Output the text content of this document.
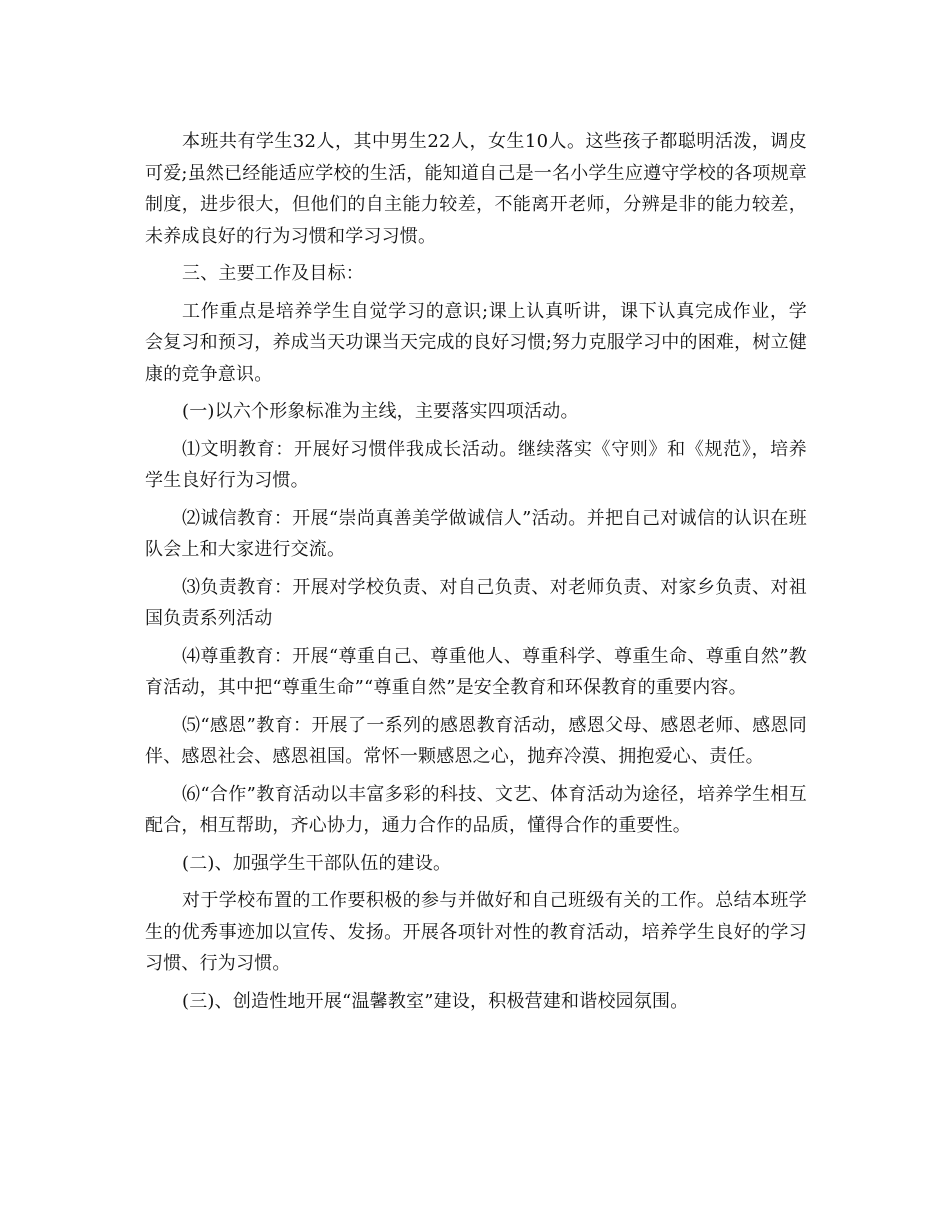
本班共有学生32人，其中男生22人，女生10人。这些孩子都聪明活泼，调皮可爱;虽然已经能适应学校的生活，能知道自己是一名小学生应遵守学校的各项规章制度，进步很大，但他们的自主能力较差，不能离开老师，分辨是非的能力较差，未养成良好的行为习惯和学习习惯。

三、主要工作及目标：

工作重点是培养学生自觉学习的意识;课上认真听讲，课下认真完成作业，学会复习和预习，养成当天功课当天完成的良好习惯;努力克服学习中的困难，树立健康的竞争意识。

(一)以六个形象标准为主线，主要落实四项活动。

⑴文明教育：开展好习惯伴我成长活动。继续落实《守则》和《规范》，培养学生良好行为习惯。

⑵诚信教育：开展“崇尚真善美学做诚信人”活动。并把自己对诚信的认识在班队会上和大家进行交流。

⑶负责教育：开展对学校负责、对自己负责、对老师负责、对家乡负责、对祖国负责系列活动

⑷尊重教育：开展“尊重自己、尊重他人、尊重科学、尊重生命、尊重自然”教育活动，其中把“尊重生命”“尊重自然”是安全教育和环保教育的重要内容。

⑸“感恩”教育：开展了一系列的感恩教育活动，感恩父母、感恩老师、感恩同伴、感恩社会、感恩祖国。常怀一颗感恩之心，抛弃冷漠、拥抱爱心、责任。

⑹“合作”教育活动以丰富多彩的科技、文艺、体育活动为途径，培养学生相互配合，相互帮助，齐心协力，通力合作的品质，懂得合作的重要性。

(二)、加强学生干部队伍的建设。

对于学校布置的工作要积极的参与并做好和自己班级有关的工作。总结本班学生的优秀事迹加以宣传、发扬。开展各项针对性的教育活动，培养学生良好的学习习惯、行为习惯。

(三)、创造性地开展“温馨教室”建设，积极营建和谐校园氛围。
